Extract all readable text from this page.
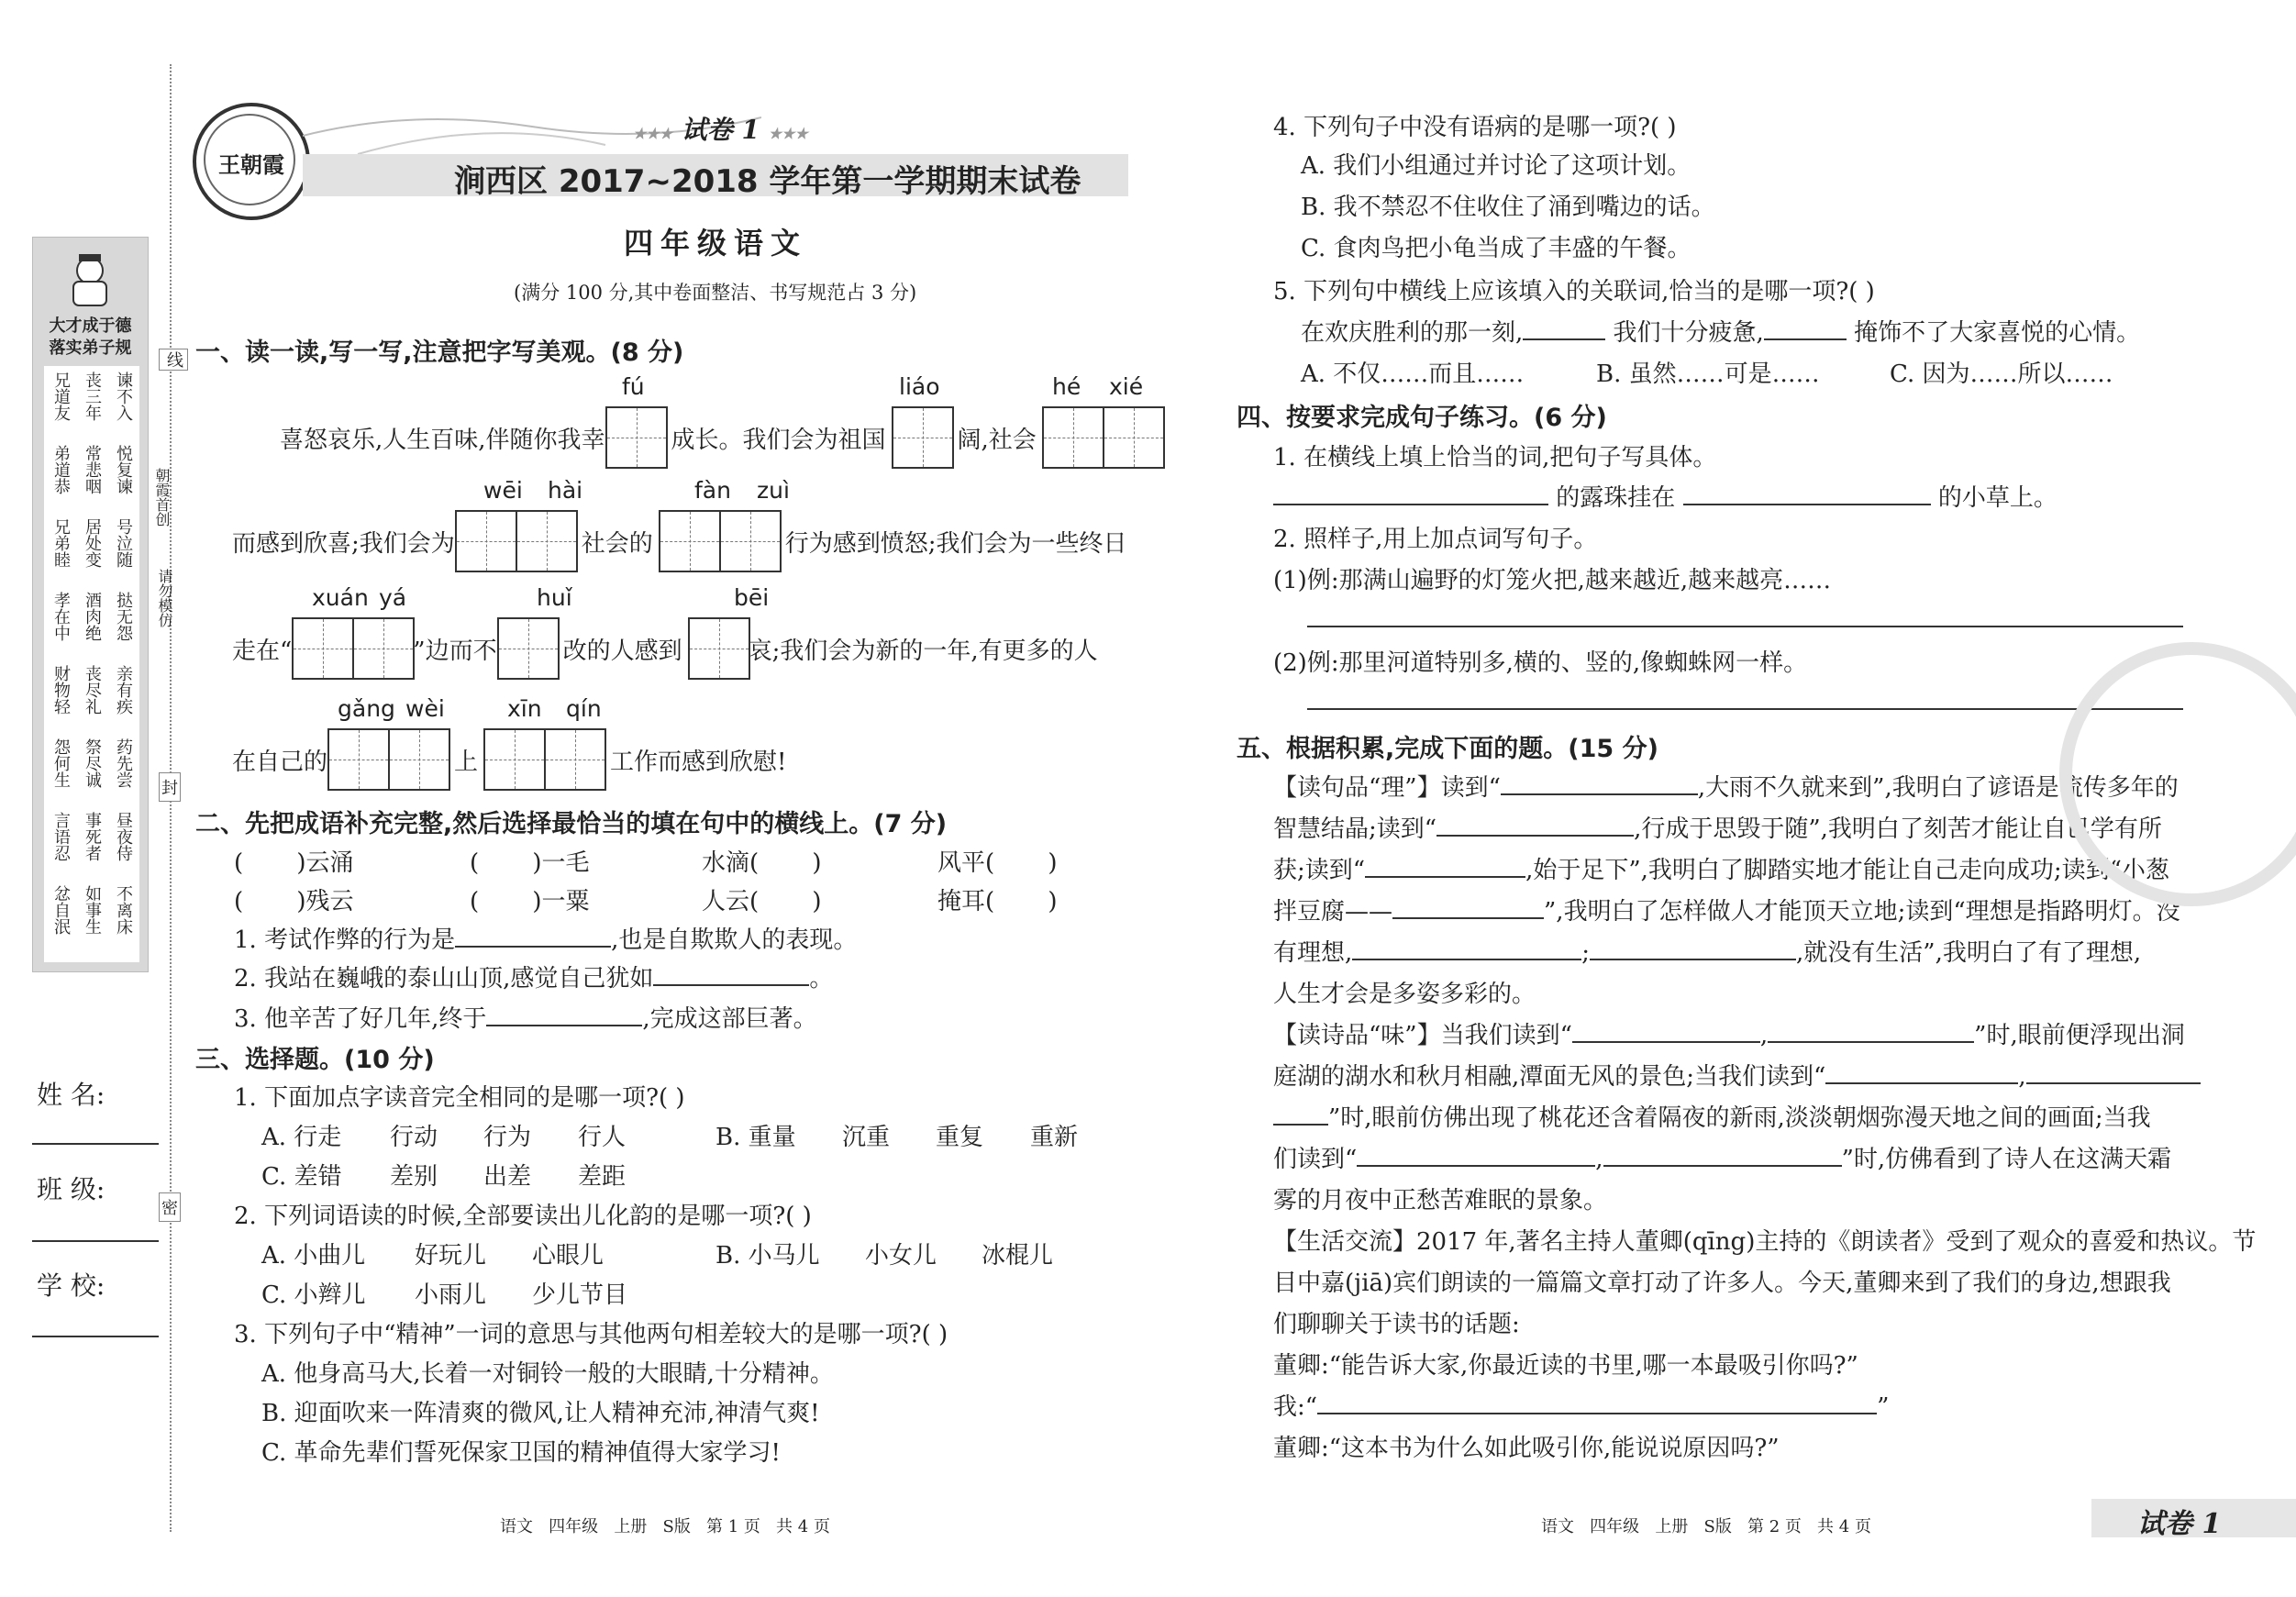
大才成于德
落实弟子规
兄道友 丧三年 谏不入
弟道恭 常悲咽 悦复谏
兄弟睦 居处变 号泣随
孝在中 酒肉绝 挞无怨
财物轻 丧尽礼 亲有疾
怨何生 祭尽诚 药先尝
言语忍 事死者 昼夜侍
忿自泯 如事生 不离床
线
朝霞首创
请勿模仿
封
密
姓 名:
班 级:
学 校:
王朝霞
★★★ 试卷 1 ★★★
涧西区 2017~2018 学年第一学期期末试卷
四年级语文
(满分 100 分,其中卷面整洁、书写规范占 3 分)
一、读一读,写一写,注意把字写美观。(8 分)
fú	liáo	hé xié
喜怒哀乐,人生百味,伴随你我幸	成长。我们会为祖国	阔,社会
wēi hài	fàn zuì
而感到欣喜;我们会为	社会的	行为感到愤怒;我们会为一些终日
xuán yá	huǐ	bēi
走在“	”边而不	改的人感到	哀;我们会为新的一年,有更多的人
gǎng wèi	xīn qín
在自己的	上	工作而感到欣慰!
二、先把成语补充完整,然后选择最恰当的填在句中的横线上。(7 分)
( )云涌	( )一毛	水滴( )	风平( )
( )残云	( )一粟	人云( )	掩耳( )
1. 考试作弊的行为是	,也是自欺欺人的表现。
2. 我站在巍峨的泰山山顶,感觉自己犹如	。
3. 他辛苦了好几年,终于	,完成这部巨著。
三、选择题。(10 分)
1. 下面加点字读音完全相同的是哪一项?( )
A. 行走 行动 行为 行人	B. 重量 沉重 重复 重新
C. 差错 差别 出差 差距
2. 下列词语读的时候,全部要读出儿化韵的是哪一项?( )
A. 小曲儿 好玩儿 心眼儿	B. 小马儿 小女儿 冰棍儿
C. 小辫儿 小雨儿 少儿节目
3. 下列句子中“精神”一词的意思与其他两句相差较大的是哪一项?( )
A. 他身高马大,长着一对铜铃一般的大眼睛,十分精神。
B. 迎面吹来一阵清爽的微风,让人精神充沛,神清气爽!
C. 革命先辈们誓死保家卫国的精神值得大家学习!
语文   四年级   上册   S版   第 1 页   共 4 页
4. 下列句子中没有语病的是哪一项?( )
A. 我们小组通过并讨论了这项计划。
B. 我不禁忍不住收住了涌到嘴边的话。
C. 食肉鸟把小龟当成了丰盛的午餐。
5. 下列句中横线上应该填入的关联词,恰当的是哪一项?( )
在欢庆胜利的那一刻,	我们十分疲惫,	掩饰不了大家喜悦的心情。
A. 不仅……而且……	B. 虽然……可是……	C. 因为……所以……
四、按要求完成句子练习。(6 分)
1. 在横线上填上恰当的词,把句子写具体。
的露珠挂在	的小草上。
2. 照样子,用上加点词写句子。
(1)例:那满山遍野的灯笼火把,越来越近,越来越亮……
(2)例:那里河道特别多,横的、竖的,像蜘蛛网一样。
五、根据积累,完成下面的题。(15 分)
【读句品“理”】读到“	,大雨不久就来到”,我明白了谚语是流传多年的
智慧结晶;读到“	,行成于思毁于随”,我明白了刻苦才能让自己学有所
获;读到“	,始于足下”,我明白了脚踏实地才能让自己走向成功;读到“小葱
拌豆腐——	”,我明白了怎样做人才能顶天立地;读到“理想是指路明灯。没
有理想,	;	,就没有生活”,我明白了有了理想,
人生才会是多姿多彩的。
【读诗品“味”】当我们读到“	,	”时,眼前便浮现出洞
庭湖的湖水和秋月相融,潭面无风的景色;当我们读到“	,
”时,眼前仿佛出现了桃花还含着隔夜的新雨,淡淡朝烟弥漫天地之间的画面;当我
们读到“	,	”时,仿佛看到了诗人在这满天霜
雾的月夜中正愁苦难眠的景象。
【生活交流】2017 年,著名主持人董卿(qīng)主持的《朗读者》受到了观众的喜爱和热议。节
目中嘉(jiā)宾们朗读的一篇篇文章打动了许多人。今天,董卿来到了我们的身边,想跟我
们聊聊关于读书的话题:
董卿:“能告诉大家,你最近读的书里,哪一本最吸引你吗?”
我:“	”
董卿:“这本书为什么如此吸引你,能说说原因吗?”
语文   四年级   上册   S版   第 2 页   共 4 页	试卷 1
